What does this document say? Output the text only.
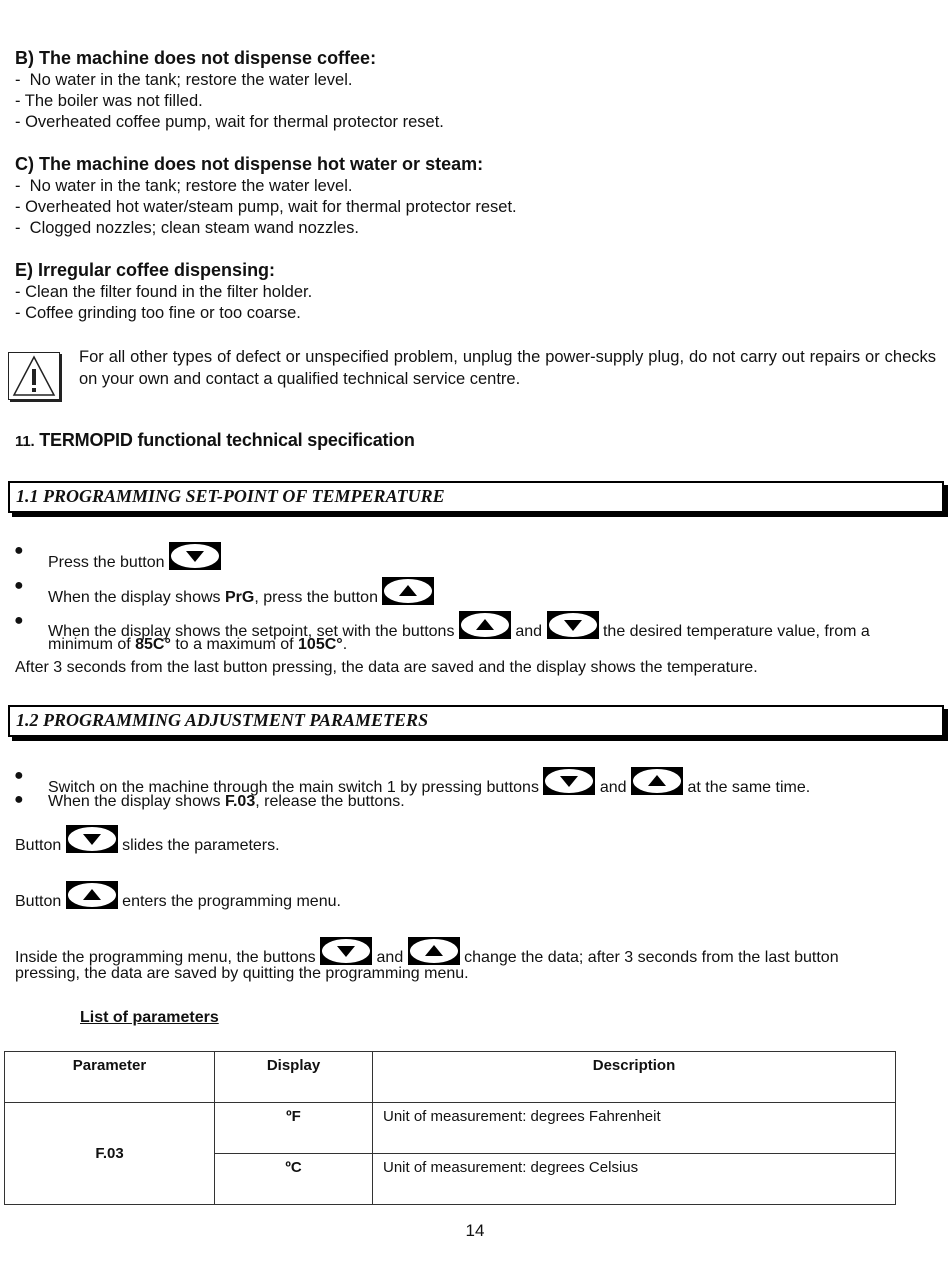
B) The machine does not dispense coffee:
-  No water in the tank; restore the water level.
- The boiler was not filled.
- Overheated coffee pump, wait for thermal protector reset.
C) The machine does not dispense hot water or steam:
-  No water in the tank; restore the water level.
- Overheated hot water/steam pump, wait for thermal protector reset.
-  Clogged nozzles; clean steam wand nozzles.
E) Irregular coffee dispensing:
- Clean the filter found in the filter holder.
- Coffee grinding too fine or too coarse.
For all other types of defect or unspecified problem, unplug the power-supply plug, do not carry out repairs or checks on your own and contact a qualified technical service centre.
11. TERMOPID functional technical specification
1.1 PROGRAMMING SET-POINT OF TEMPERATURE
●
Press the button
●
When the display shows PrG, press the button
●
When the display shows the setpoint, set with the buttons	and	the desired temperature value, from a
minimum of 85C° to a maximum of 105C°.
After 3 seconds from the last button pressing, the data are saved and the display shows the temperature.
1.2 PROGRAMMING ADJUSTMENT PARAMETERS
●
Switch on the machine through the main switch 1 by pressing buttons	and	at the same time.
● When the display shows F.03, release the buttons.
Button	slides the parameters.
Button	enters the programming menu.
Inside the programming menu, the buttons	and	change the data; after 3 seconds from the last button
pressing, the data are saved by quitting the programming menu.
List of parameters
Parameter	Display	Description
F.03	ºF	Unit of measurement: degrees Fahrenheit
	ºC	Unit of measurement: degrees Celsius
14
